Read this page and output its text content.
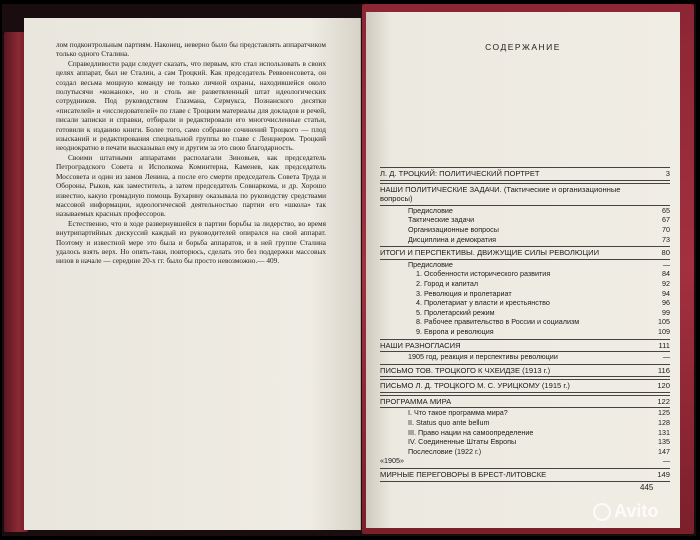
лом подконтрольным партиям. Наконец, неверно было бы представлять аппаратчиком только одного Сталина.

Справедливости ради следует сказать, что первым, кто стал использовать в своих целях аппарат, был не Сталин, а сам Троцкий. Как председатель Реввоенсовета, он создал весьма мощную команду не только личной охраны, находившейся около полутысячи «кожанок», но и столь же разветвленный штат идеологических сотрудников. Под руководством Глазмана, Сермукса, Познанского десятки «писателей» и «исследователей» по главе с Троцким материалы для докладов и речей, писали записки и справки, отбирали и редактировали его многочисленные статьи, готовили к изданию книги. Более того, само собрание сочинений Троцкого — плод изысканий и редактирования специальной группы во главе с Ленцнером. Троцкий неоднократно в печати высказывал ему и другим за это свою благодарность.

Своими штатными аппаратами располагали Зиновьев, как председатель Петроградского Совета и Исполкома Коминтерна, Каменев, как председатель Моссовета и один из замов Ленина, а после его смерти председатель Совета Труда и Обороны, Рыков, как заместитель, а затем председатель Совнаркома, и др. Хорошо известно, какую громадную помощь Бухарину оказывала по руководству средствами массовой информации, идеологической деятельностью партии его «школа» так называемых красных профессоров.

Естественно, что в ходе развернувшейся в партии борьбы за лидерство, во время внутрипартийных дискуссий каждый из руководителей опирался на свой аппарат. Поэтому и известной мере это была и борьба аппаратов, и в ней группе Сталина удалось взять верх. Но опять-таки, повторюсь, сделать это без поддержки массовых низов в начале — середине 20-х гг. было бы просто невозможно.— 409.

СОДЕРЖАНИЕ
Л. Д. ТРОЦКИЙ: ПОЛИТИЧЕСКИЙ ПОРТРЕТ	3
НАШИ ПОЛИТИЧЕСКИЕ ЗАДАЧИ. (Тактические и организационные вопросы)
Предисловие	65
Тактические задачи	67
Организационные вопросы	70
Дисциплина и демократия	73
ИТОГИ И ПЕРСПЕКТИВЫ. ДВИЖУЩИЕ СИЛЫ РЕВОЛЮЦИИ	80
Предисловие	—
1. Особенности исторического развития	84
2. Город и капитал	92
3. Революция и пролетариат	94
4. Пролетариат у власти и крестьянство	96
5. Пролетарский режим	99
8. Рабочее правительство в России и социализм	105
9. Европа и революция	109
НАШИ РАЗНОГЛАСИЯ	111
1905 год, реакция и перспективы революции	—
ПИСЬМО ТОВ. ТРОЦКОГО К ЧХЕИДЗЕ (1913 г.)	116
ПИСЬМО Л. Д. ТРОЦКОГО М. С. УРИЦКОМУ (1915 г.)	120
ПРОГРАММА МИРА	122
I. Что такое программа мира?	125
II. Status quo ante bellum	128
III. Право нации на самоопределение	131
IV. Соединенные Штаты Европы	135
Послесловие (1922 г.)	147
«1905»	—
МИРНЫЕ ПЕРЕГОВОРЫ В БРЕСТ-ЛИТОВСКЕ	149
445
Avito
